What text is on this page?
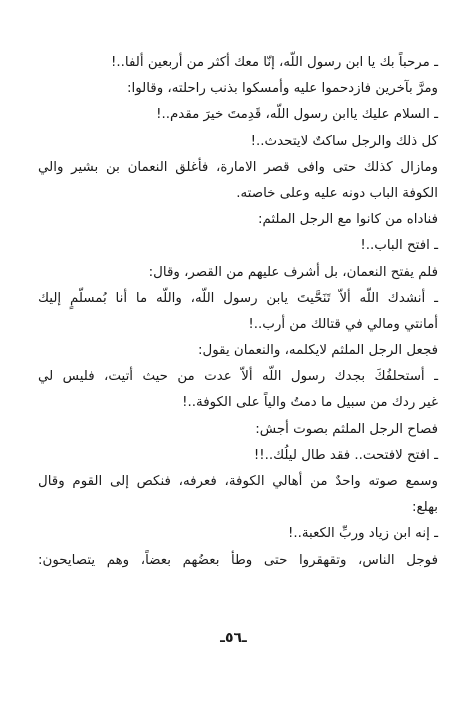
ـ مرحباً بك يا ابن رسول اللّه، إنّا معك أكثر من أربعين ألفا..!
ومرَّ بآخرين فازدحموا عليه وأمسكوا بذنب راحلته، وقالوا:
ـ السلام عليك ياابن رسول اللّه، قَدِمتَ خيرَ مقدم..!
كل ذلك والرجل ساكتٌ لايتحدث..!
ومازال كذلك حتى وافى قصر الامارة، فأغلق النعمان بن بشير والي
الكوفة الباب دونه عليه وعلى خاصته.
فناداه من كانوا مع الرجل الملثم:
ـ افتح الباب..!
فلم يفتح النعمان، بل أشرف عليهم من القصر، وقال:
ـ أنشدك اللّه ألاّ تَنَحَّيتَ يابن رسول اللّه، واللّه ما أنا بُمسلّمٍ إليك
أمانتي ومالي في قتالك من أرب..!
فجعل الرجل الملثم لايكلمه، والنعمان يقول:
ـ أستحلفُكَ بجدك رسول اللّه ألاّ عدت من حيث أتيت، فليس لي
غير ردك من سبيل ما دمتُ والياً على الكوفة..!
فصاح الرجل الملثم بصوت أجش:
ـ افتح لافتحت.. فقد طال ليلُك..!!
وسمع صوته واحدٌ من أهالي الكوفة، فعرفه، فنكص إلى القوم وقال
بهلع:
ـ إنه ابن زياد وربِّ الكعبة..!
فوجل الناس، وتقهقروا حتى وطأ بعضُهم بعضاً، وهم يتصايحون:
ـ٥٦ـ
